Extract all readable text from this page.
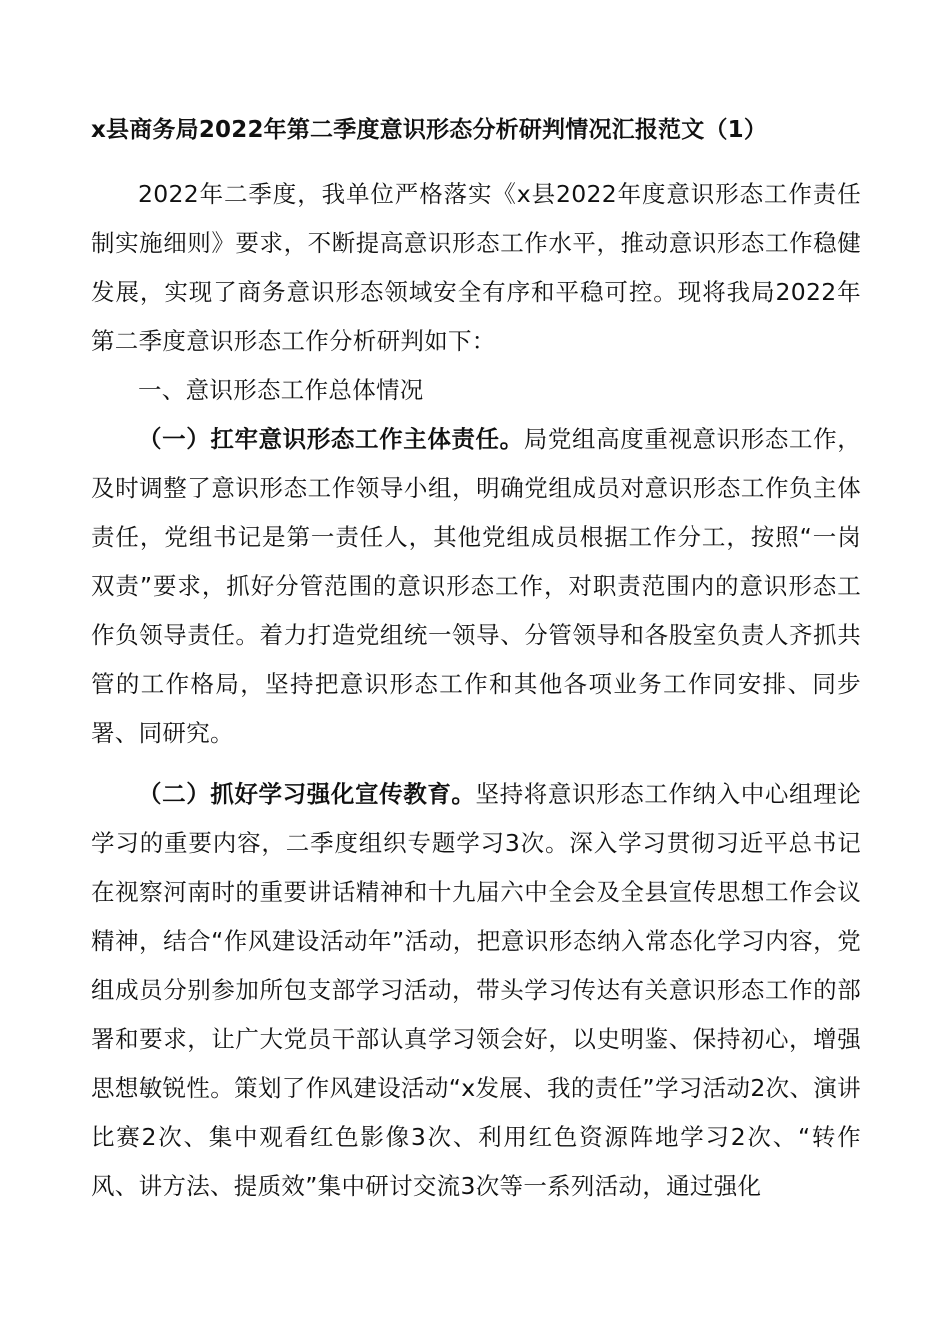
x县商务局2022年第二季度意识形态分析研判情况汇报范文（1）

2022年二季度，我单位严格落实《x县2022年度意识形态工作责任制实施细则》要求，不断提高意识形态工作水平，推动意识形态工作稳健发展，实现了商务意识形态领域安全有序和平稳可控。现将我局2022年第二季度意识形态工作分析研判如下：

一、意识形态工作总体情况

（一）扛牢意识形态工作主体责任。局党组高度重视意识形态工作，及时调整了意识形态工作领导小组，明确党组成员对意识形态工作负主体责任，党组书记是第一责任人，其他党组成员根据工作分工，按照“一岗双责”要求，抓好分管范围的意识形态工作，对职责范围内的意识形态工作负领导责任。着力打造党组统一领导、分管领导和各股室负责人齐抓共管的工作格局，坚持把意识形态工作和其他各项业务工作同安排、同步署、同研究。

（二）抓好学习强化宣传教育。坚持将意识形态工作纳入中心组理论学习的重要内容，二季度组织专题学习3次。深入学习贯彻习近平总书记在视察河南时的重要讲话精神和十九届六中全会及全县宣传思想工作会议精神，结合“作风建设活动年”活动，把意识形态纳入常态化学习内容，党组成员分别参加所包支部学习活动，带头学习传达有关意识形态工作的部署和要求，让广大党员干部认真学习领会好，以史明鉴、保持初心，增强思想敏锐性。策划了作风建设活动“x发展、我的责任”学习活动2次、演讲比赛2次、集中观看红色影像3次、利用红色资源阵地学习2次、“转作风、讲方法、提质效”集中研讨交流3次等一系列活动，通过强化
